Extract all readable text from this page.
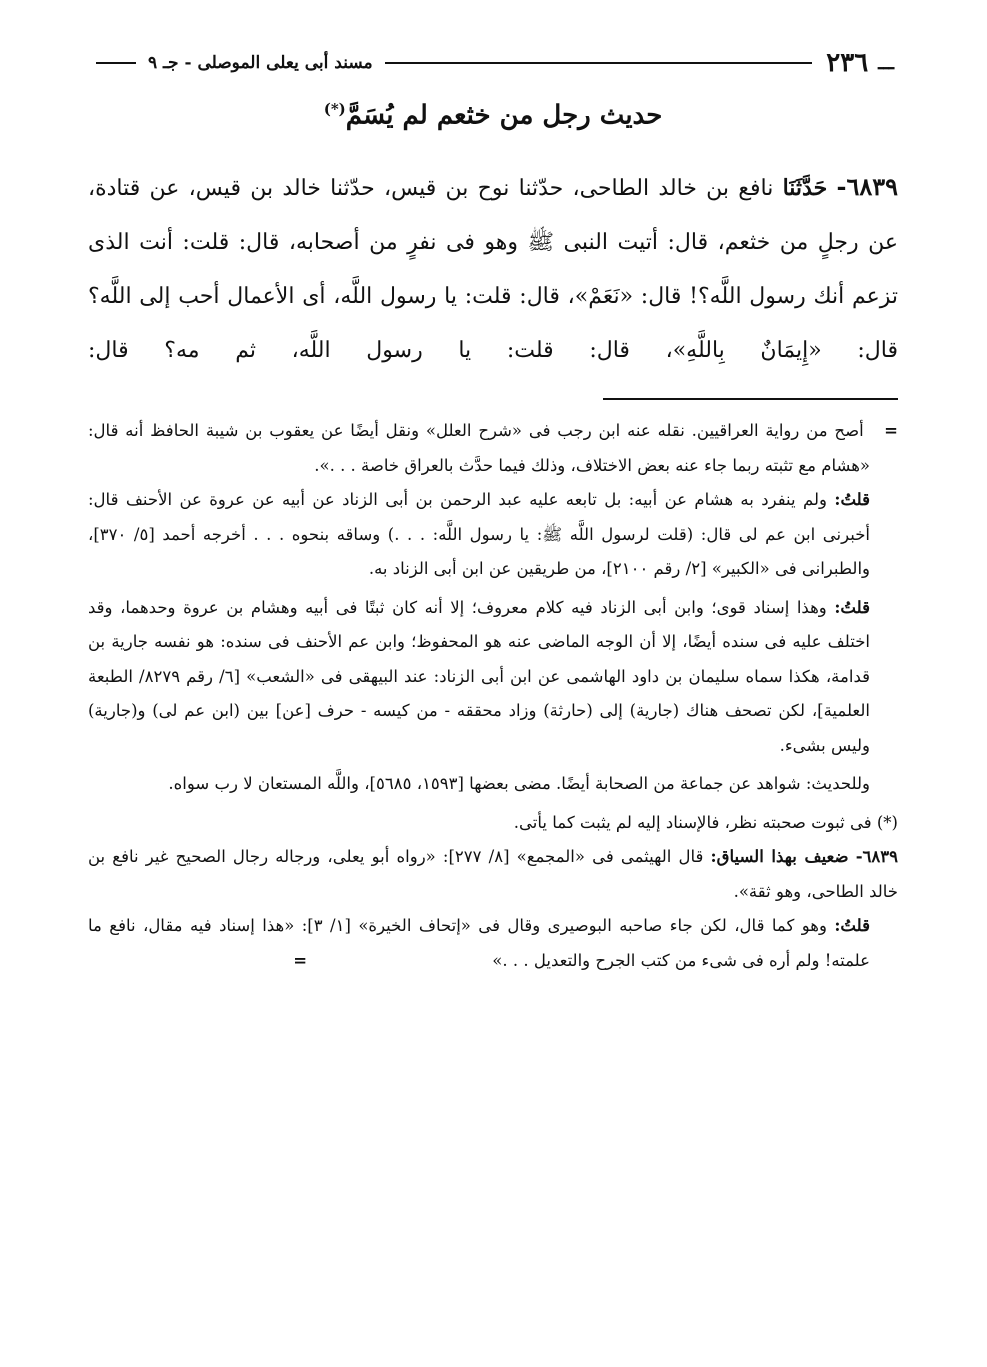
ـــ
٢٣٦
مسند أبى يعلى الموصلى - جـ ٩
حديث رجل من خثعم لم يُسَمَّ(*)

٦٨٣٩- حَدَّثَنَا نافع بن خالد الطاحى، حدّثنا نوح بن قيس، حدّثنا خالد بن قيس، عن قتادة، عن رجلٍ من خثعم، قال: أتيت النبى ﷺ وهو فى نفرٍ من أصحابه، قال: قلت: أنت الذى تزعم أنك رسول اللَّه؟! قال: «نَعَمْ»، قال: قلت: يا رسول اللَّه، أى الأعمال أحب إلى اللَّه؟ قال: «إِيمَانٌ بِاللَّهِ»، قال: قلت: يا رسول اللَّه، ثم مه؟ قال:

=   أصح من رواية العراقيين. نقله عنه ابن رجب فى «شرح العلل» ونقل أيضًا عن يعقوب بن شيبة الحافظ أنه قال: «هشام مع تثبته ربما جاء عنه بعض الاختلاف، وذلك فيما حدَّث بالعراق خاصة . . .».
قلتُ: ولم ينفرد به هشام عن أبيه: بل تابعه عليه عبد الرحمن بن أبى الزناد عن أبيه عن عروة عن الأحنف قال: أخبرنى ابن عم لى قال: (قلت لرسول اللَّه ﷺ: يا رسول اللَّه: . . .) وساقه بنحوه . . . أخرجه أحمد [٥/ ٣٧٠]، والطبرانى فى «الكبير» [٢/ رقم ٢١٠٠]، من طريقين عن ابن أبى الزناد به.
قلتُ: وهذا إسناد قوى؛ وابن أبى الزناد فيه كلام معروف؛ إلا أنه كان ثبتًا فى أبيه وهشام بن عروة وحدهما، وقد اختلف عليه فى سنده أيضًا، إلا أن الوجه الماضى عنه هو المحفوظ؛ وابن عم الأحنف فى سنده: هو نفسه جارية بن قدامة، هكذا سماه سليمان بن داود الهاشمى عن ابن أبى الزناد: عند البيهقى فى «الشعب» [٦/ رقم ٨٢٧٩/ الطبعة العلمية]، لكن تصحف هناك (جارية) إلى (حارثة) وزاد محققه - من كيسه - حرف [عن] بين (ابن عم لى) و(جارية) وليس بشىء.
وللحديث: شواهد عن جماعة من الصحابة أيضًا. مضى بعضها [١٥٩٣، ٥٦٨٥]، واللَّه المستعان لا رب سواه.
(*) فى ثبوت صحبته نظر، فالإسناد إليه لم يثبت كما يأتى.
٦٨٣٩- ضعيف بهذا السياق: قال الهيثمى فى «المجمع» [٨/ ٢٧٧]: «رواه أبو يعلى، ورجاله رجال الصحيح غير نافع بن خالد الطاحى، وهو ثقة».
قلتُ: وهو كما قال، لكن جاء صاحبه البوصيرى وقال فى «إتحاف الخيرة» [١/ ٣]: «هذا إسناد فيه مقال، نافع ما علمته! ولم أره فى شىء من كتب الجرح والتعديل . . .» =
